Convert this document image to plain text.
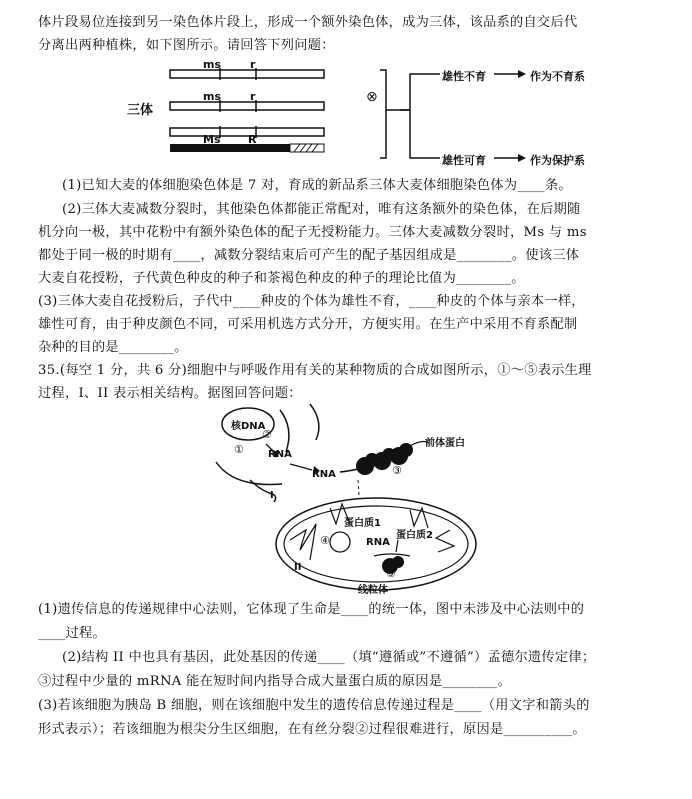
体片段易位连接到另一染色体片段上，形成一个额外染色体，成为三体，该品系的自交后代
分离出两种植株，如下图所示。请回答下列问题：
ms	r
ms	r
Ms	R
三体
⊗
雄性不育	作为不育系
雄性可育	作为保护系
(1)已知大麦的体细胞染色体是 7 对，育成的新品系三体大麦体细胞染色体为____条。
(2)三体大麦减数分裂时，其他染色体都能正常配对，唯有这条额外的染色体，在后期随
机分向一极，其中花粉中有额外染色体的配子无授粉能力。三体大麦减数分裂时，Ms 与 ms
都处于同一极的时期有____，减数分裂结束后可产生的配子基因组成是________。使该三体
大麦自花授粉，子代黄色种皮的种子和茶褐色种皮的种子的理论比值为________。
(3)三体大麦自花授粉后，子代中____种皮的个体为雄性不育，____种皮的个体与亲本一样，
雄性可育，由于种皮颜色不同，可采用机选方式分开，方便实用。在生产中采用不育系配制
杂种的目的是________。
35.(每空 1 分，共 6 分)细胞中与呼吸作用有关的某种物质的合成如图所示，①～⑤表示生理
过程，I、II 表示相关结构。据图回答问题：
核DNA
②
① RNA
RNA	③
前体蛋白
I
蛋白质1
④	RNA
蛋白质2
⑤
II
线粒体
(1)遗传信息的传递规律中心法则，它体现了生命是____的统一体，图中未涉及中心法则中的
____过程。
(2)结构 II 中也具有基因，此处基因的传递____（填“遵循或”不遵循”）孟德尔遗传定律；
③过程中少量的 mRNA 能在短时间内指导合成大量蛋白质的原因是________。
(3)若该细胞为胰岛 B 细胞，则在该细胞中发生的遗传信息传递过程是____（用文字和箭头的
形式表示）；若该细胞为根尖分生区细胞，在有丝分裂②过程很难进行，原因是__________。
